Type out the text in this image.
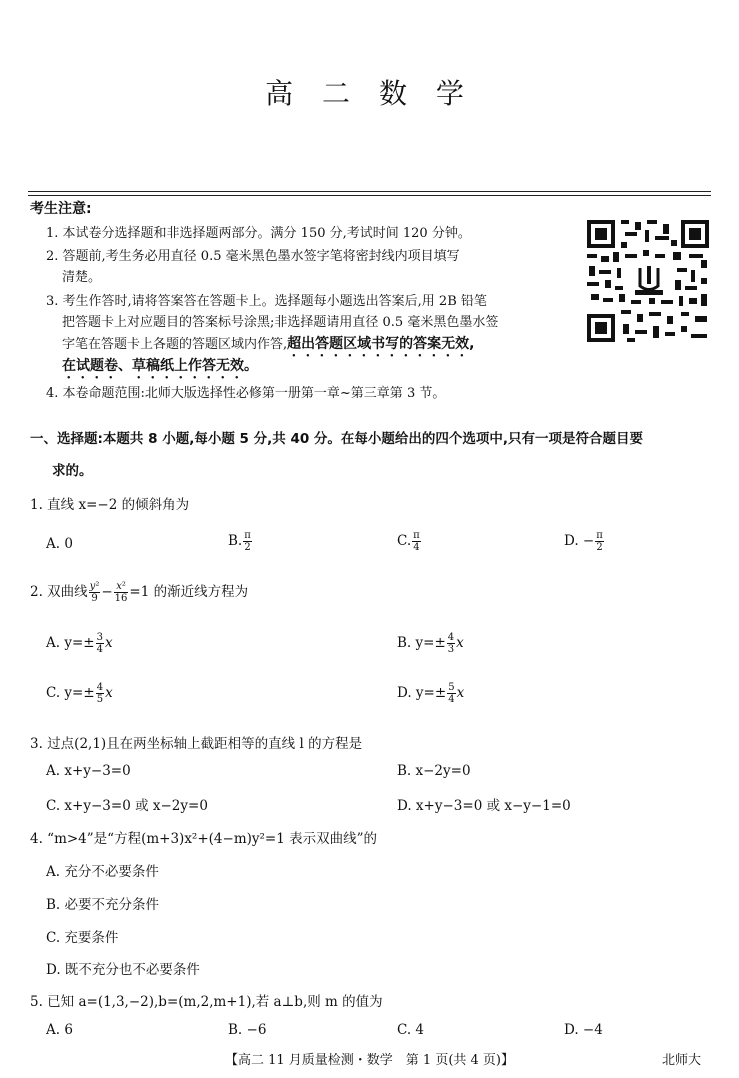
高 二 数 学
考生注意:
1. 本试卷分选择题和非选择题两部分。满分 150 分,考试时间 120 分钟。
2. 答题前,考生务必用直径 0.5 毫米黑色墨水签字笔将密封线内项目填写
清楚。
3. 考生作答时,请将答案答在答题卡上。选择题每小题选出答案后,用 2B 铅笔
把答题卡上对应题目的答案标号涂黑;非选择题请用直径 0.5 毫米黑色墨水签
字笔在答题卡上各题的答题区域内作答,超出答题区域书写的答案无效,
在试题卷、草稿纸上作答无效。
4. 本卷命题范围:北师大版选择性必修第一册第一章~第三章第 3 节。
一、选择题:本题共 8 小题,每小题 5 分,共 40 分。在每小题给出的四个选项中,只有一项是符合题目要
求的。
1. 直线 x=−2 的倾斜角为
A. 0	B. $\frac{\pi}{2}$	C. $\frac{\pi}{4}$	D. − $\frac{\pi}{2}$
2. 双曲线 $\frac{\text{y²}}{9} - \frac{\text{x²}}{16} =1$ 的渐近线方程为
A. $y=\pm \frac{3}{4}$ x	B. $y=\pm \frac{4}{3}$ x
C. $y=\pm \frac{4}{5}$ x	D. $y=\pm \frac{5}{4}$ x
3. 过点(2,1)且在两坐标轴上截距相等的直线 l 的方程是
A. x+y−3=0	B. x−2y=0
C. x+y−3=0 或 x−2y=0	D. x+y−3=0 或 x−y−1=0
4. “m>4”是“方程(m+3)x²+(4−m)y²=1 表示双曲线”的
A. 充分不必要条件
B. 必要不充分条件
C. 充要条件
D. 既不充分也不必要条件
5. 已知 a=(1,3,−2),b=(m,2,m+1),若 a⊥b,则 m 的值为
A. 6	B. −6	C. 4	D. −4
【高二 11 月质量检测・数学　第 1 页(共 4 页)】	北师大
